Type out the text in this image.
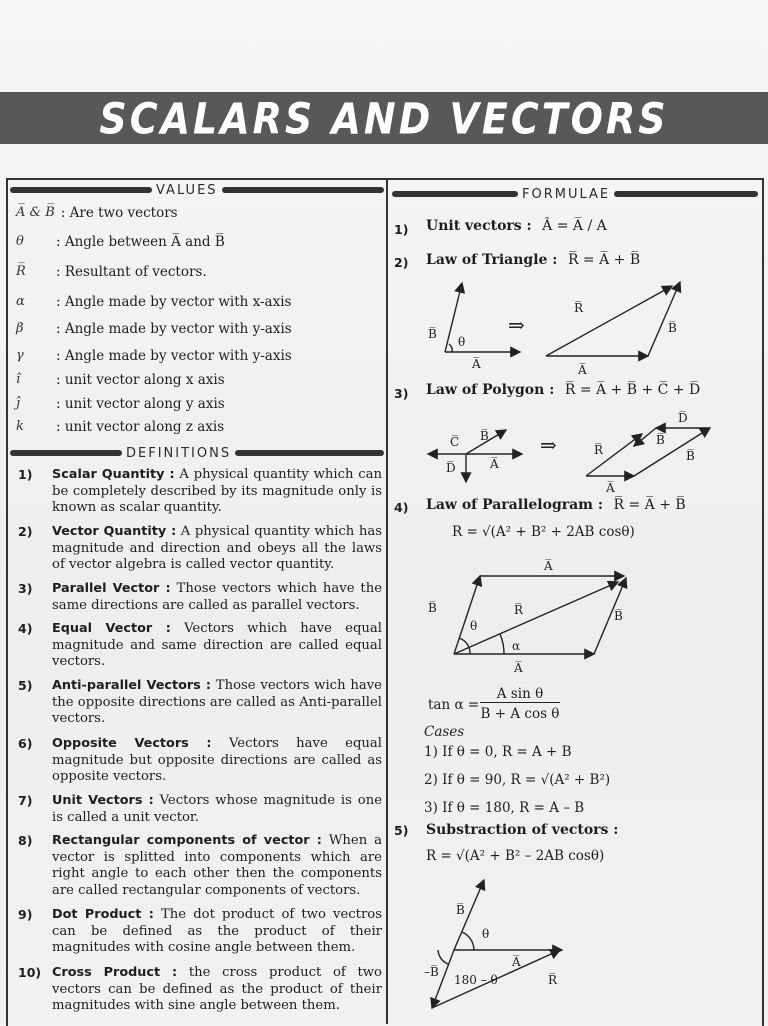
SCALARS AND VECTORS
VALUES
A̅ & B̅ : Are two vectors
θ	: Angle between A̅ and B̅
R̅	: Resultant of vectors.
α	: Angle made by vector with x-axis
β	: Angle made by vector with y-axis
γ	: Angle made by vector with y-axis
î	: unit vector along x axis
ĵ	: unit vector along y axis
k	: unit vector along z axis
DEFINITIONS
1) Scalar Quantity : A physical quantity which can be completely described by its magnitude only is known as scalar quantity.
2) Vector Quantity : A physical quantity which has magnitude and direction and obeys all the laws of vector algebra is called vector quantity.
3) Parallel Vector : Those vectors which have the same directions are called as parallel vectors.
4) Equal Vector : Vectors which have equal magnitude and same direction are called equal vectors.
5) Anti-parallel Vectors : Those vectors wich have the opposite directions are called as Anti-parallel vectors.
6) Opposite Vectors : Vectors have equal magnitude but opposite directions are called as opposite vectors.
7) Unit Vectors : Vectors whose magnitude is one is called a unit vector.
8) Rectangular components of vector : When a vector is splitted into components which are right angle to each other then the components are called rectangular components of vectors.
9) Dot Product : The dot product of two vectros can be defined as the product of their magnitudes with cosine angle between them.
10) Cross Product : the cross product of two vectors can be defined as the product of their magnitudes with sine angle between them.
FORMULAE
1) Unit vectors : Â = A̅ / A
2) Law of Triangle : R̅ = A̅ + B̅
B̅
θ
A̅
⇒
R̅
B̅
A̅
C̅ B̅
D̅	A̅
⇒	R̅
A̅
B̅
D̅
B̅
A̅
B̅	R̅
θ
α
B̅
A̅
B̅
θ
A̅
–B̅
180 – θ	R̅
3) Law of Polygon : R̅ = A̅ + B̅ + C̅ + D̅
4) Law of Parallelogram : R̅ = A̅ + B̅
R = √(A² + B² + 2AB cosθ)
tan α =
A sin θ
B + A cos θ
Cases
1) If θ = 0, R = A + B
2) If θ = 90, R = √(A² + B²)
3) If θ = 180, R = A – B
5) Substraction of vectors :
R = √(A² + B² – 2AB cosθ)
